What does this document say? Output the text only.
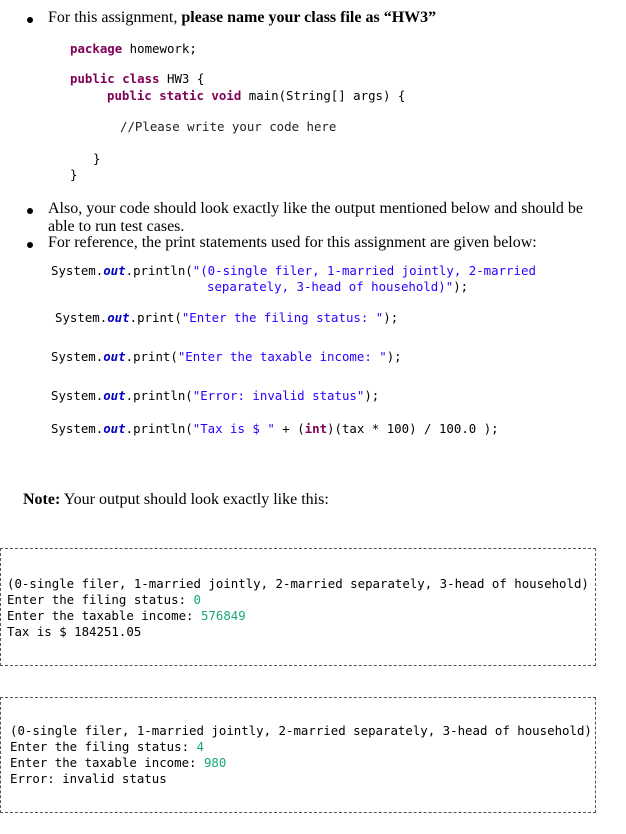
For this assignment, please name your class file as “HW3”
package homework;
public class HW3 {
public static void main(String[] args) {
//Please write your code here
}
}
Also, your code should look exactly like the output mentioned below and should be
able to run test cases.
For reference, the print statements used for this assignment are given below:
System.out.println("(0-single filer, 1-married jointly, 2-married
separately, 3-head of household)");
System.out.print("Enter the filing status: ");
System.out.print("Enter the taxable income: ");
System.out.println("Error: invalid status");
System.out.println("Tax is $ " + (int)(tax * 100) / 100.0 );
Note: Your output should look exactly like this:
(0-single filer, 1-married jointly, 2-married separately, 3-head of household)
Enter the filing status: 0
Enter the taxable income: 576849
Tax is $ 184251.05
(0-single filer, 1-married jointly, 2-married separately, 3-head of household)
Enter the filing status: 4
Enter the taxable income: 980
Error: invalid status
